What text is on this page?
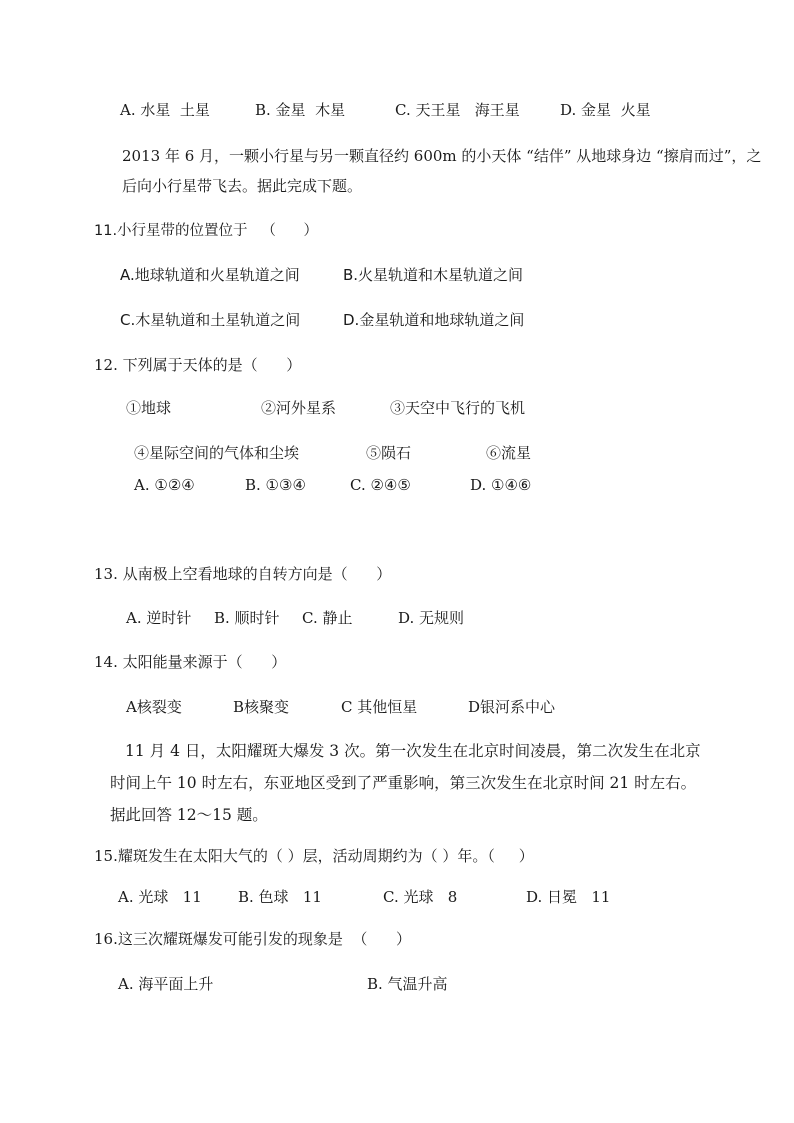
A. 水星  土星	B. 金星  木星	C. 天王星   海王星	D. 金星  火星
2013 年 6 月，一颗小行星与另一颗直径约 600m 的小天体 “结伴” 从地球身边 “擦肩而过”，之
后向小行星带飞去。据此完成下题。
11.小行星带的位置位于   （      ）
A.地球轨道和火星轨道之间	B.火星轨道和木星轨道之间
C.木星轨道和土星轨道之间	D.金星轨道和地球轨道之间
12. 下列属于天体的是（      ）
①地球	②河外星系	③天空中飞行的飞机
④星际空间的气体和尘埃	⑤陨石	⑥流星
A. ①②④	B. ①③④	C. ②④⑤	D. ①④⑥
13. 从南极上空看地球的自转方向是（      ）
A. 逆时针 B. 顺时针 C. 静止	D. 无规则
14. 太阳能量来源于（      ）
A核裂变	B核聚变	C 其他恒星	D银河系中心
11 月 4 日，太阳耀斑大爆发 3 次。第一次发生在北京时间凌晨，第二次发生在北京
时间上午 10 时左右，东亚地区受到了严重影响，第三次发生在北京时间 21 时左右。
据此回答 12～15 题。
15.耀斑发生在太阳大气的（ ）层，活动周期约为（ ）年。（     ）
A. 光球   11 B. 色球   11	C. 光球   8	D. 日冕   11
16.这三次耀斑爆发可能引发的现象是  （      ）
A. 海平面上升	B. 气温升高
